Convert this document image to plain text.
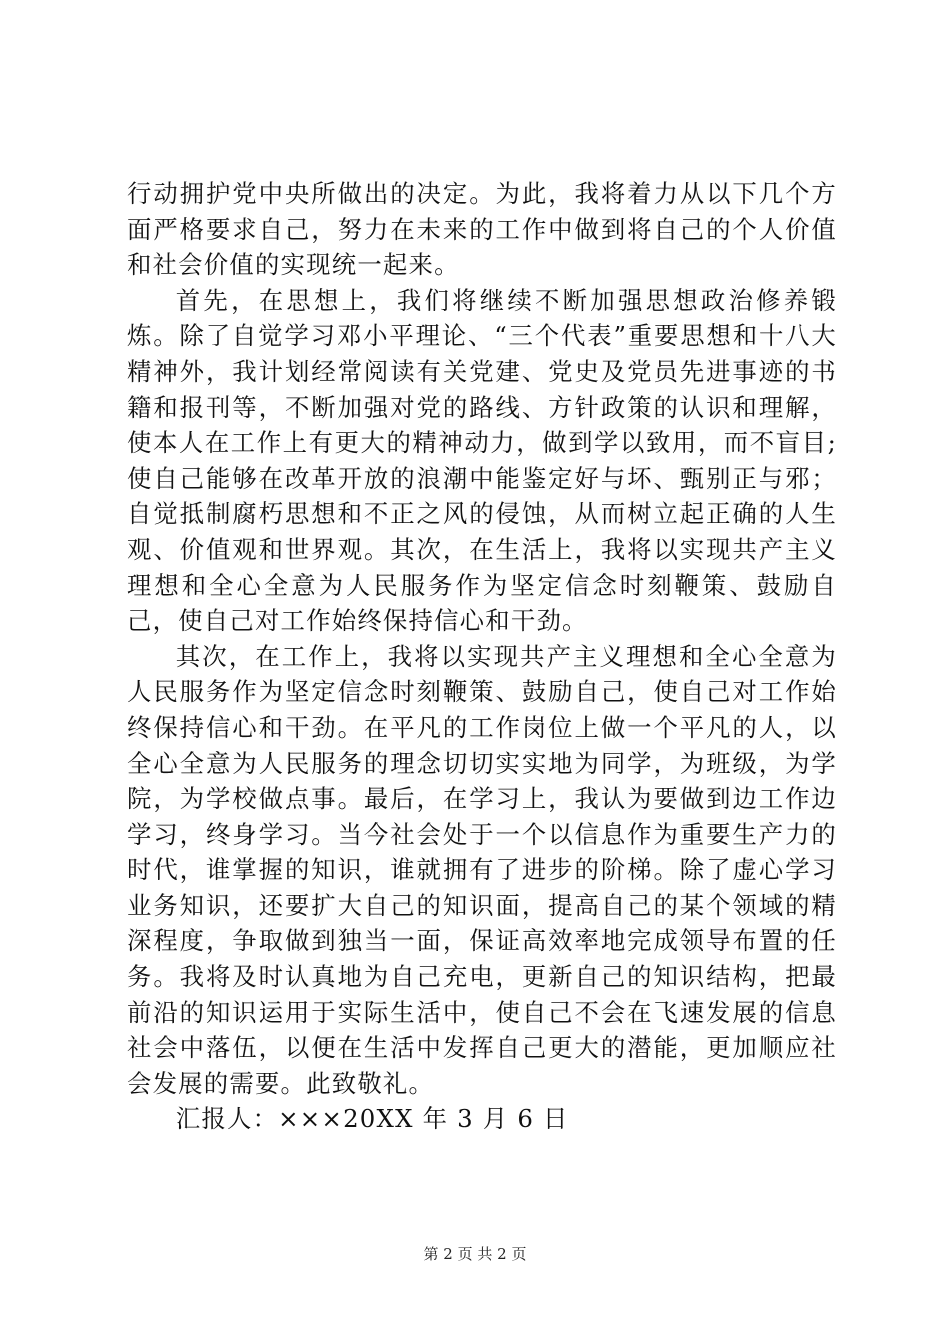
行动拥护党中央所做出的决定。为此，我将着力从以下几个方面严格要求自己，努力在未来的工作中做到将自己的个人价值和社会价值的实现统一起来。

首先，在思想上，我们将继续不断加强思想政治修养锻炼。除了自觉学习邓小平理论、“三个代表”重要思想和十八大精神外，我计划经常阅读有关党建、党史及党员先进事迹的书籍和报刊等，不断加强对党的路线、方针政策的认识和理解，使本人在工作上有更大的精神动力，做到学以致用，而不盲目;使自己能够在改革开放的浪潮中能鉴定好与坏、甄别正与邪；自觉抵制腐朽思想和不正之风的侵蚀，从而树立起正确的人生观、价值观和世界观。其次，在生活上，我将以实现共产主义理想和全心全意为人民服务作为坚定信念时刻鞭策、鼓励自己，使自己对工作始终保持信心和干劲。

其次，在工作上，我将以实现共产主义理想和全心全意为人民服务作为坚定信念时刻鞭策、鼓励自己，使自己对工作始终保持信心和干劲。在平凡的工作岗位上做一个平凡的人，以全心全意为人民服务的理念切切实实地为同学，为班级，为学院，为学校做点事。最后，在学习上，我认为要做到边工作边学习，终身学习。当今社会处于一个以信息作为重要生产力的时代，谁掌握的知识，谁就拥有了进步的阶梯。除了虚心学习业务知识，还要扩大自己的知识面，提高自己的某个领域的精深程度，争取做到独当一面，保证高效率地完成领导布置的任务。我将及时认真地为自己充电，更新自己的知识结构，把最前沿的知识运用于实际生活中，使自己不会在飞速发展的信息社会中落伍，以便在生活中发挥自己更大的潜能，更加顺应社会发展的需要。此致敬礼。

汇报人：×××20XX 年 3 月 6 日

第 2 页 共 2 页
